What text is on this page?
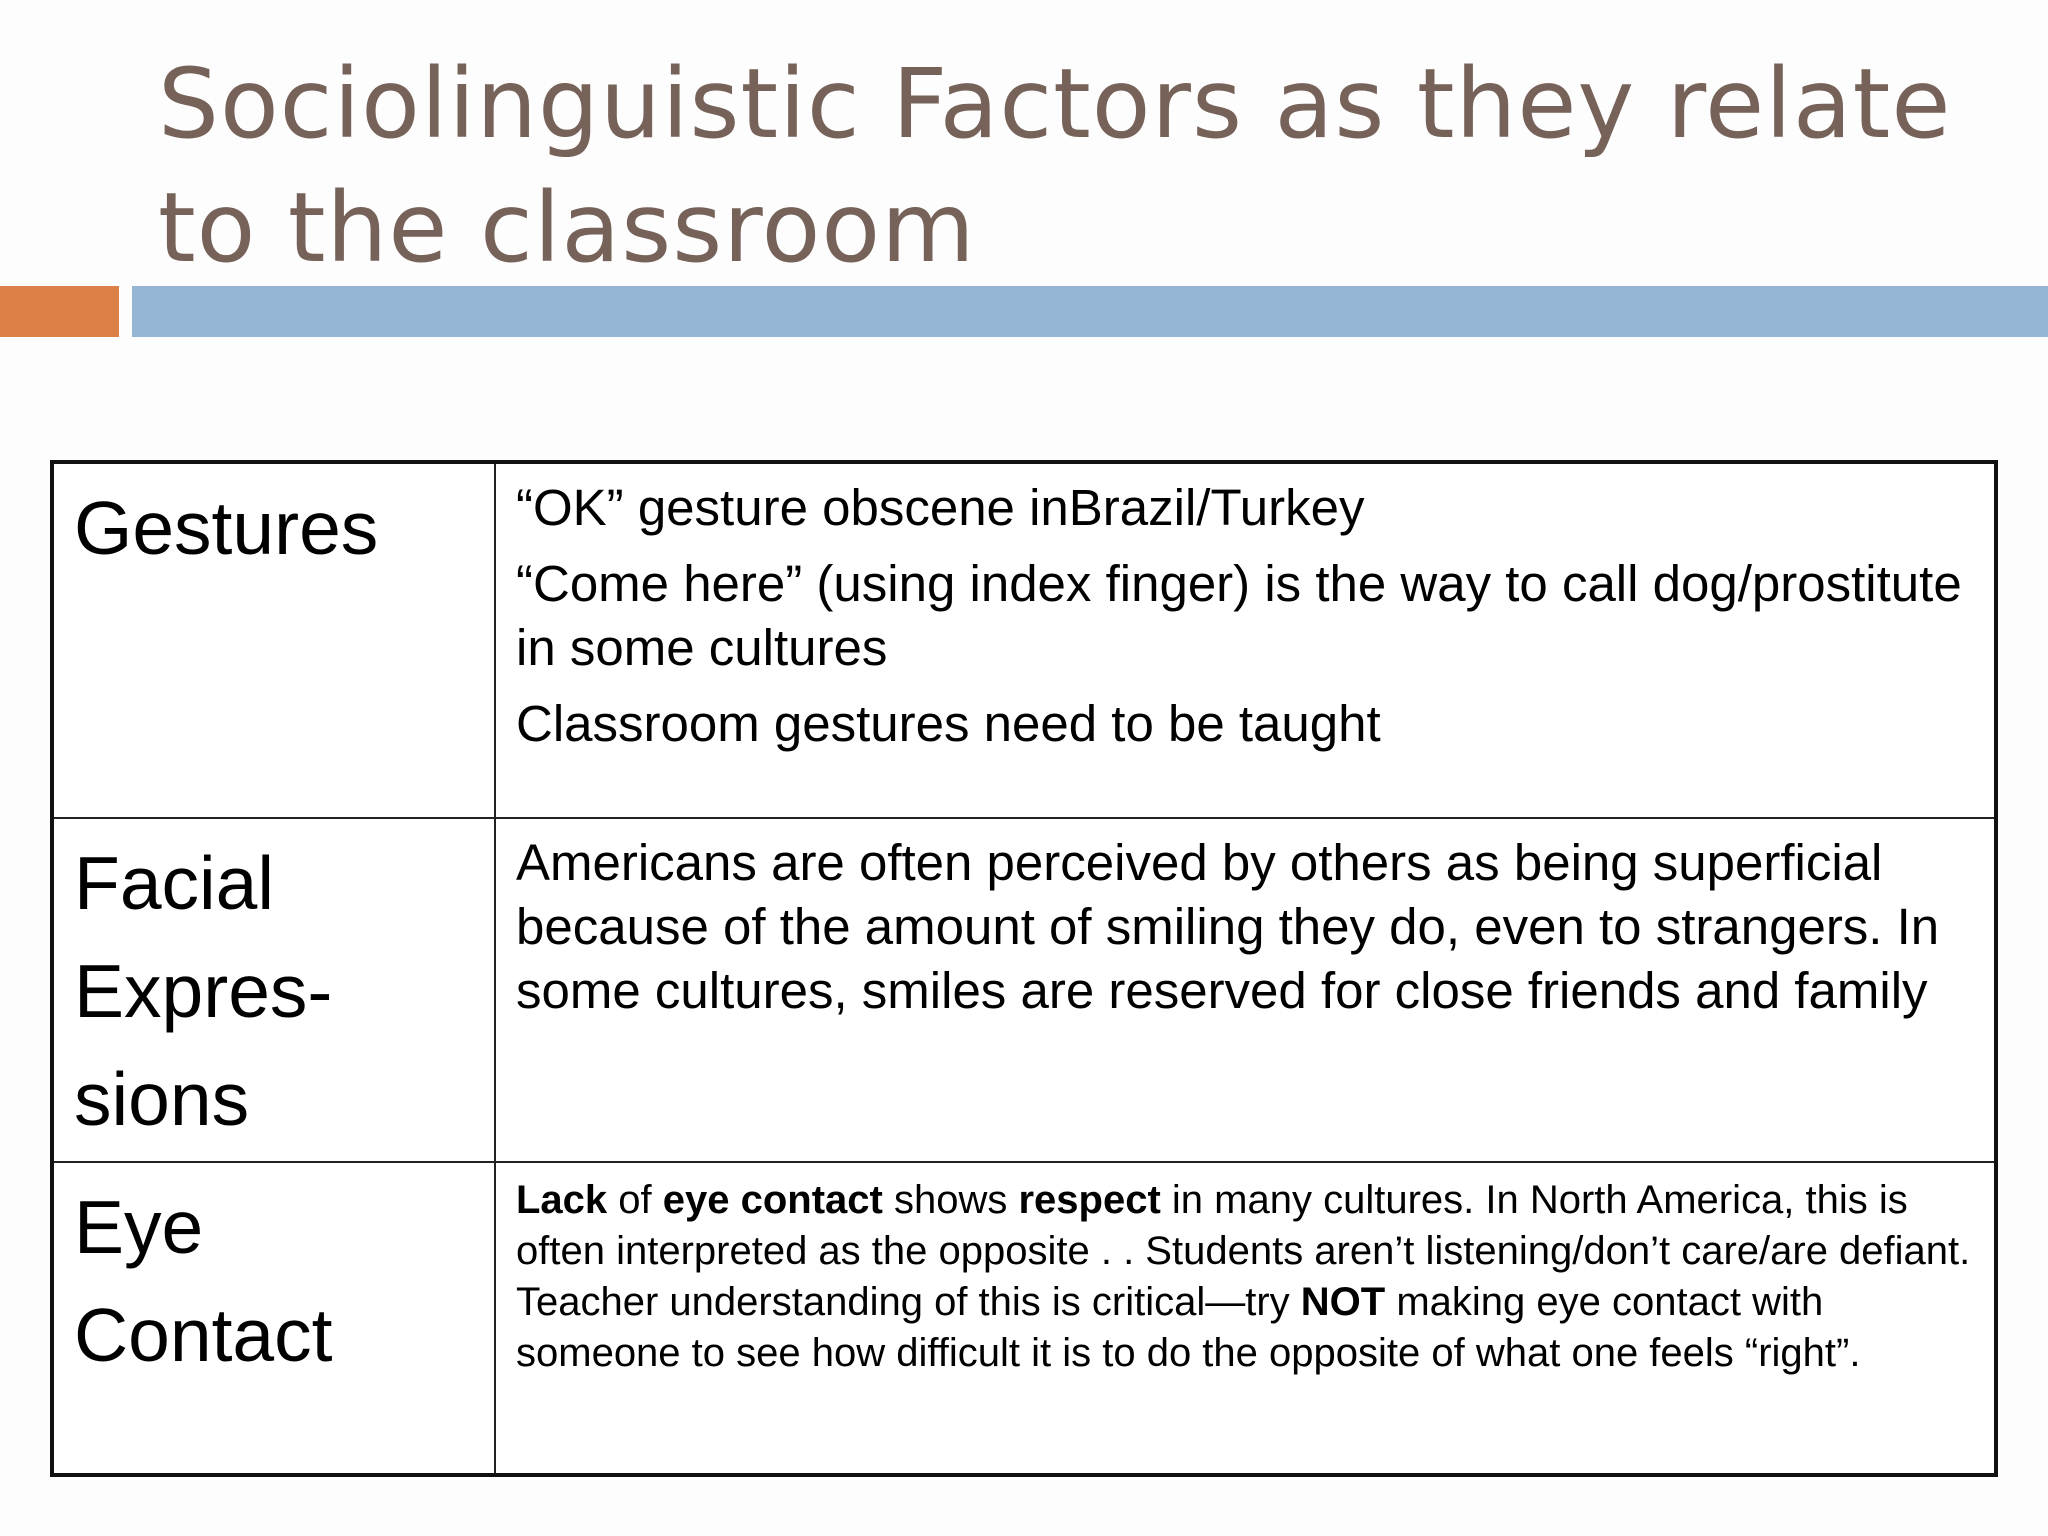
Sociolinguistic Factors as they relate to the classroom
Gestures	“OK” gesture obscene inBrazil/Turkey

“Come here” (using index finger) is the way to call dog/prostitute in some cultures

Classroom gestures need to be taught

Facial
Expres-
sions	Americans are often perceived by others as being superficial because of the amount of smiling they do, even to strangers. In some cultures, smiles are reserved for close friends and family

Eye
Contact	Lack of eye contact shows respect in many cultures. In North America, this is often interpreted as the opposite . . Students aren’t listening/don’t care/are defiant. Teacher understanding of this is critical—try NOT making eye contact with someone to see how difficult it is to do the opposite of what one feels “right”.
